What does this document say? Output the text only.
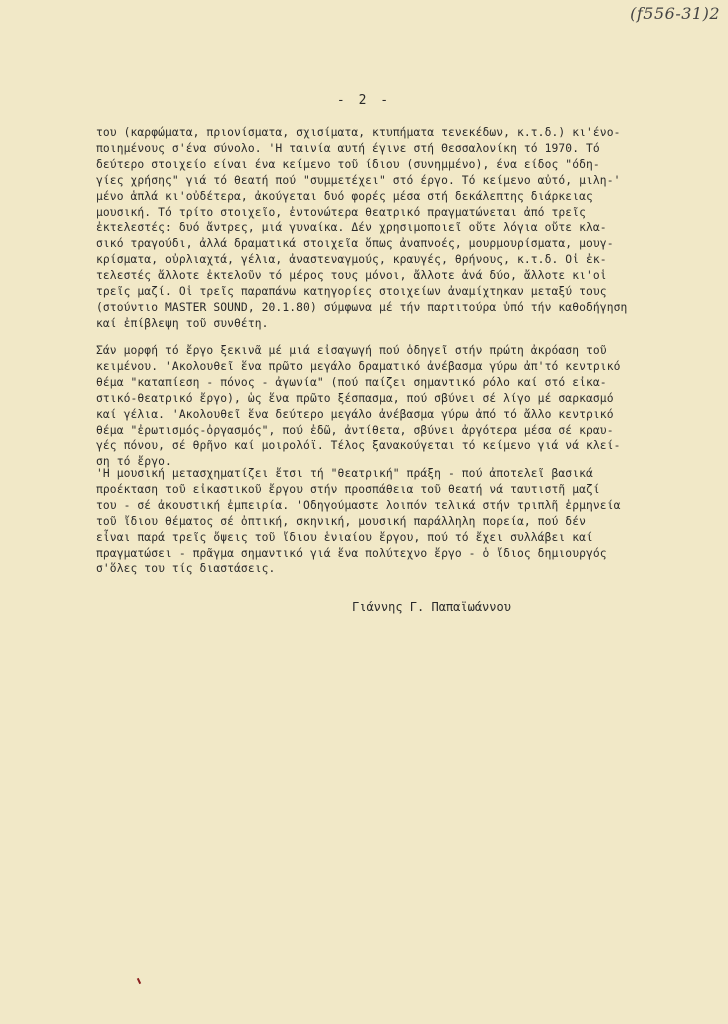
(f556-31)2
- 2 -
του (καρφώματα, πριονίσματα, σχισίματα, κτυπήματα τενεκέδων, κ.τ.δ.) κι'ένο-
ποιημένους σ'ένα σύνολο. 'Η ταινία αυτή έγινε στή Θεσσαλονίκη τό 1970. Τό
δεύτερο στοιχείο είναι ένα κείμενο τοῦ ίδιου (συνημμένο), ένα είδος "όδη-
γίες χρήσης" γιά τό θεατή πού "συμμετέχει" στό έργο. Τό κείμενο αὐτό, μιλη-'
μένο ἁπλά κι'οὐδέτερα, ἀκούγεται δυό φορές μέσα στή δεκάλεπτης διάρκειας
μουσική. Τό τρίτο στοιχεῖο, ἐντονώτερα θεατρικό πραγματώνεται ἀπό τρεῖς
ἐκτελεστές: δυό ἄντρες, μιά γυναίκα. Δέν χρησιμοποιεῖ οὔτε λόγια οὔτε κλα-
σικό τραγούδι, ἀλλά δραματικά στοιχεῖα ὅπως ἀναπνοές, μουρμουρίσματα, μουγ-
κρίσματα, οὐρλιαχτά, γέλια, ἀναστεναγμούς, κραυγές, θρήνους, κ.τ.δ. Οἱ ἐκ-
τελεστές ἄλλοτε ἐκτελοῦν τό μέρος τους μόνοι, ἄλλοτε ἀνά δύο, ἄλλοτε κι'οἱ
τρεῖς μαζί. Οἱ τρεῖς παραπάνω κατηγορίες στοιχείων ἀναμίχτηκαν μεταξύ τους
(στούντιο MASTER SOUND, 20.1.80) σύμφωνα μέ τήν παρτιτούρα ὑπό τήν καθοδήγηση
καί ἐπίβλεψη τοῦ συνθέτη.
Σάν μορφή τό ἔργο ξεκινᾶ μέ μιά εἰσαγωγή πού ὁδηγεῖ στήν πρώτη ἀκρόαση τοῦ
κειμένου. 'Ακολουθεῖ ἕνα πρῶτο μεγάλο δραματικό ἀνέβασμα γύρω ἀπ'τό κεντρικό
θέμα "καταπίεση - πόνος - ἀγωνία" (πού παίζει σημαντικό ρόλο καί στό εἰκα-
στικό-θεατρικό ἔργο), ὡς ἕνα πρῶτο ξέσπασμα, πού σβύνει σέ λίγο μέ σαρκασμό
καί γέλια. 'Ακολουθεῖ ἕνα δεύτερο μεγάλο ἀνέβασμα γύρω ἀπό τό ἄλλο κεντρικό
θέμα "ἐρωτισμός-ὀργασμός", πού ἐδῶ, ἀντίθετα, σβύνει ἀργότερα μέσα σέ κραυ-
γές πόνου, σέ θρῆνο καί μοιρολόϊ. Τέλος ξανακούγεται τό κείμενο γιά νά κλεί-
ση τό ἔργο.
'Η μουσική μετασχηματίζει ἔτσι τή "θεατρική" πράξη - πού ἀποτελεῖ βασικά
προέκταση τοῦ εἰκαστικοῦ ἔργου στήν προσπάθεια τοῦ θεατή νά ταυτιστῆ μαζί
του - σέ ἀκουστική ἐμπειρία. 'Οδηγούμαστε λοιπόν τελικά στήν τριπλῆ ἑρμηνεία
τοῦ ἴδιου θέματος σέ ὀπτική, σκηνική, μουσική παράλληλη πορεία, πού δέν
εἶναι παρά τρεῖς ὄψεις τοῦ ἴδιου ἑνιαίου ἔργου, πού τό ἔχει συλλάβει καί
πραγματώσει - πρᾶγμα σημαντικό γιά ἕνα πολύτεχνο ἔργο - ὁ ἴδιος δημιουργός
σ'ὅλες του τίς διαστάσεις.
Γιάννης Γ. Παπαϊωάννου
